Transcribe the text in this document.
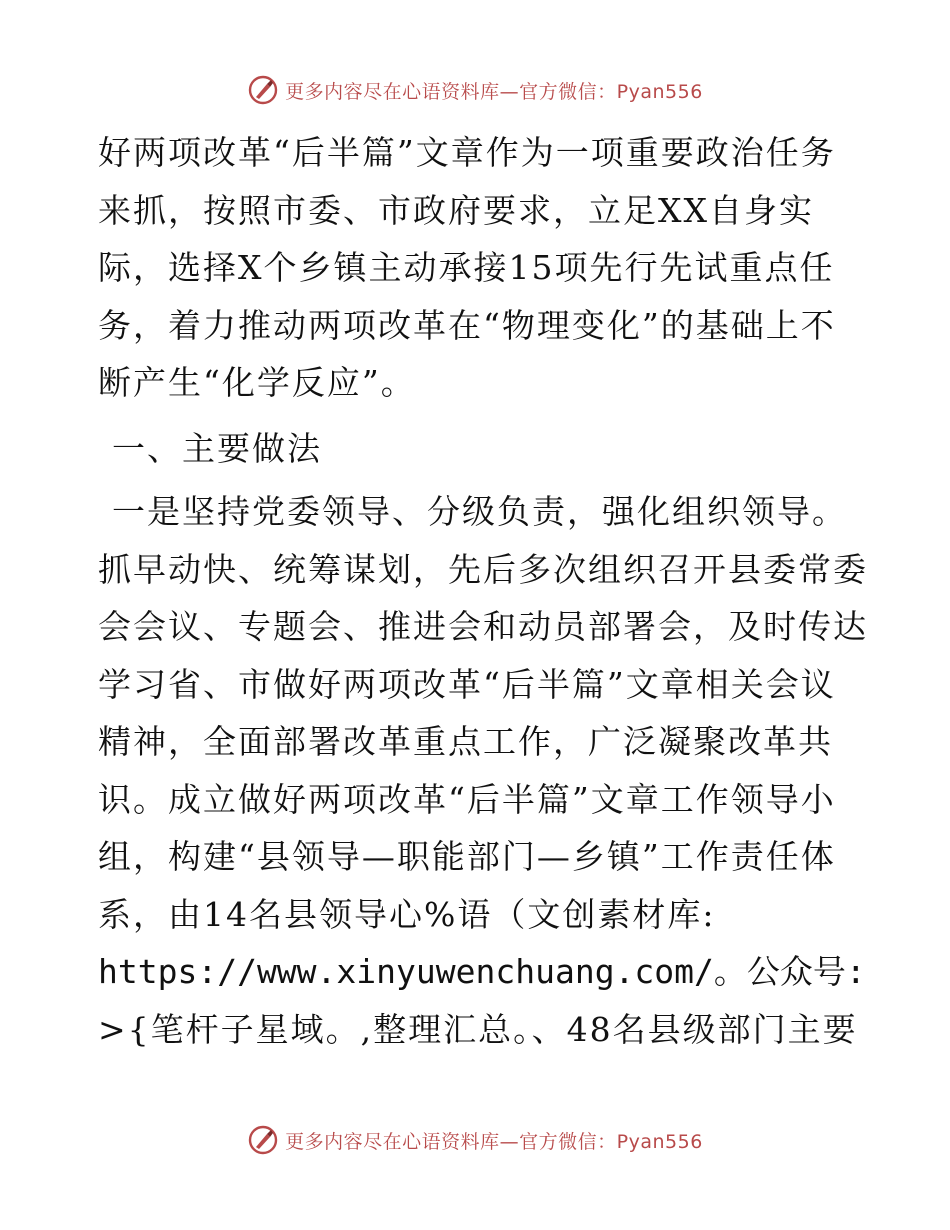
更多内容尽在心语资料库—官方微信：Pyan556
好两项改革“后半篇”文章作为一项重要政治任务
来抓，按照市委、市政府要求，立足XX自身实
际，选择X个乡镇主动承接15项先行先试重点任
务，着力推动两项改革在“物理变化”的基础上不
断产生“化学反应”。
一、主要做法
一是坚持党委领导、分级负责，强化组织领导。
抓早动快、统筹谋划，先后多次组织召开县委常委
会会议、专题会、推进会和动员部署会，及时传达
学习省、市做好两项改革“后半篇”文章相关会议
精神，全面部署改革重点工作，广泛凝聚改革共
识。成立做好两项改革“后半篇”文章工作领导小
组，构建“县领导—职能部门—乡镇”工作责任体
系，由14名县领导心%语（文创素材库:
https://www.xinyuwenchuang.com/。公众号:
>{笔杆子星域。,整理汇总。、48名县级部门主要
更多内容尽在心语资料库—官方微信：Pyan556
